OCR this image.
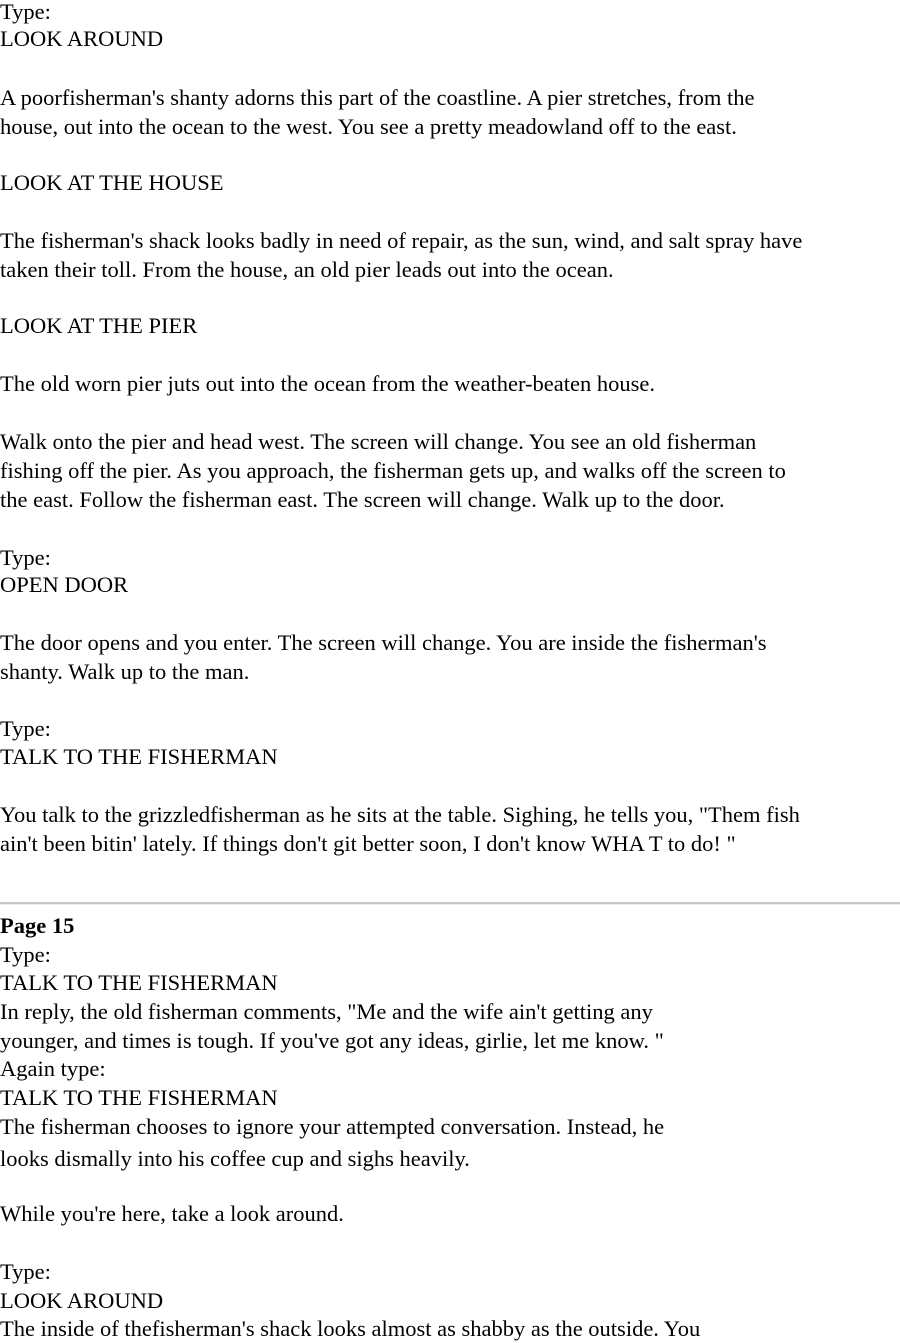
Type:
LOOK AROUND
A poorfisherman's shanty adorns this part of the coastline. A pier stretches, from the
house, out into the ocean to the west. You see a pretty meadowland off to the east.
LOOK AT THE HOUSE
The fisherman's shack looks badly in need of repair, as the sun, wind, and salt spray have
taken their toll. From the house, an old pier leads out into the ocean.
LOOK AT THE PIER
The old worn pier juts out into the ocean from the weather-beaten house.
Walk onto the pier and head west. The screen will change. You see an old fisherman
fishing off the pier. As you approach, the fisherman gets up, and walks off the screen to
the east. Follow the fisherman east. The screen will change. Walk up to the door.
Type:
OPEN DOOR
The door opens and you enter. The screen will change. You are inside the fisherman's
shanty. Walk up to the man.
Type:
TALK TO THE FISHERMAN
You talk to the grizzledfisherman as he sits at the table. Sighing, he tells you, "Them fish
ain't been bitin' lately. If things don't git better soon, I don't know WHA T to do! "
Page 15
Type:
TALK TO THE FISHERMAN
In reply, the old fisherman comments, "Me and the wife ain't getting any
younger, and times is tough. If you've got any ideas, girlie, let me know. "
Again type:
TALK TO THE FISHERMAN
The fisherman chooses to ignore your attempted conversation. Instead, he
looks dismally into his coffee cup and sighs heavily.
While you're here, take a look around.
Type:
LOOK AROUND
The inside of thefisherman's shack looks almost as shabby as the outside. You
